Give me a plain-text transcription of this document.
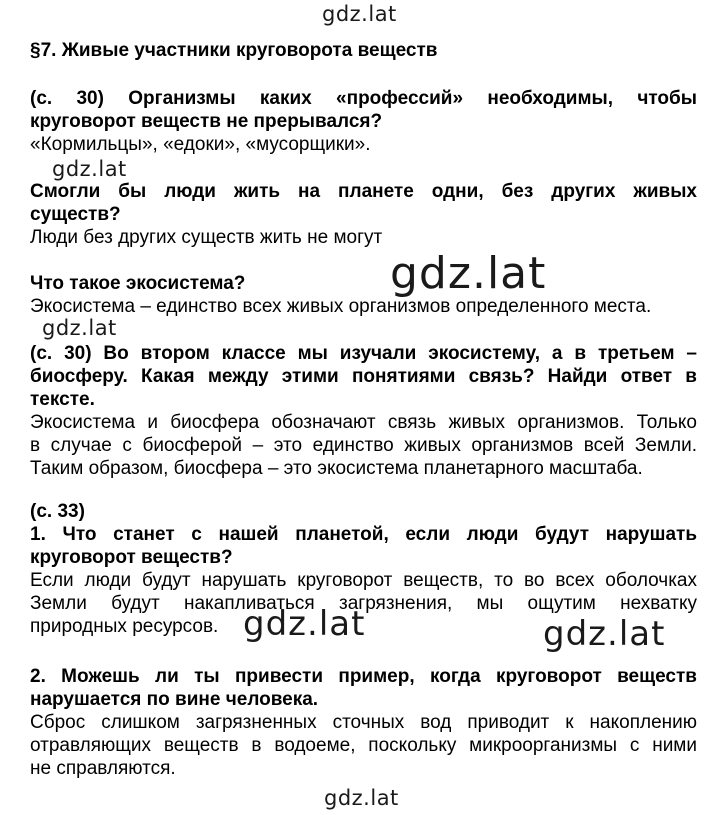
gdz.lat
gdz.lat
gdz.lat
gdz.lat
gdz.lat	gdz.lat
gdz.lat
§7. Живые участники круговорота веществ

(с. 30) Организмы каких «профессий» необходимы, чтобы

круговорот веществ не прерывался?

«Кормильцы», «едоки», «мусорщики».

Смогли бы люди жить на планете одни, без других живых

существ?

Люди без других существ жить не могут

Что такое экосистема?

Экосистема – единство всех живых организмов определенного места.

(с. 30) Во втором классе мы изучали экосистему, а в третьем –

биосферу. Какая между этими понятиями связь? Найди ответ в

тексте.

Экосистема и биосфера обозначают связь живых организмов. Только

в случае с биосферой – это единство живых организмов всей Земли.

Таким образом, биосфера – это экосистема планетарного масштаба.

(с. 33)

1. Что станет с нашей планетой, если люди будут нарушать

круговорот веществ?

Если люди будут нарушать круговорот веществ, то во всех оболочках

Земли будут накапливаться загрязнения, мы ощутим нехватку

природных ресурсов.

2. Можешь ли ты привести пример, когда круговорот веществ

нарушается по вине человека.

Сброс слишком загрязненных сточных вод приводит к накоплению

отравляющих веществ в водоеме, поскольку микроорганизмы с ними

не справляются.
